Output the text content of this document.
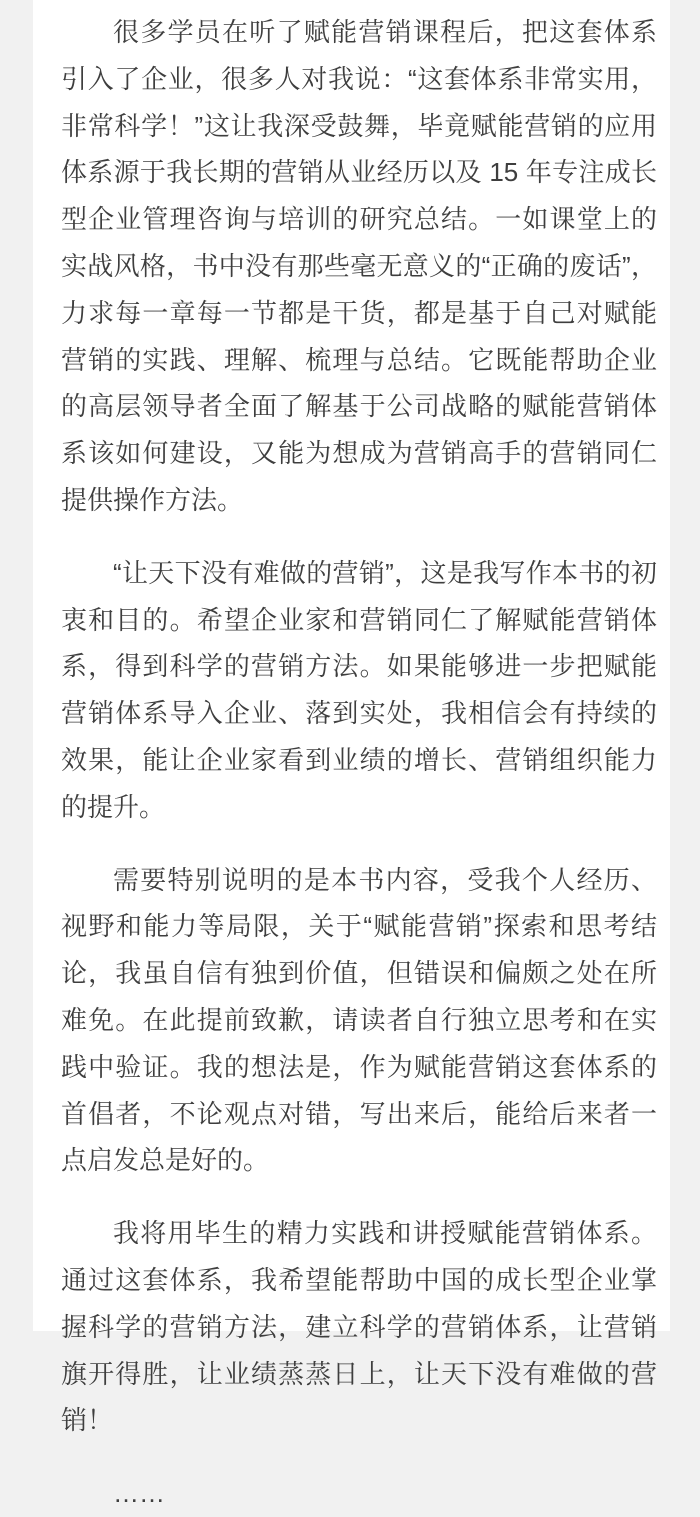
很多学员在听了赋能营销课程后，把这套体系引入了企业，很多人对我说：“这套体系非常实用，非常科学！”这让我深受鼓舞，毕竟赋能营销的应用体系源于我长期的营销从业经历以及 15 年专注成长型企业管理咨询与培训的研究总结。一如课堂上的实战风格，书中没有那些毫无意义的“正确的废话”，力求每一章每一节都是干货，都是基于自己对赋能营销的实践、理解、梳理与总结。它既能帮助企业的高层领导者全面了解基于公司战略的赋能营销体系该如何建设，又能为想成为营销高手的营销同仁提供操作方法。

“让天下没有难做的营销”，这是我写作本书的初衷和目的。希望企业家和营销同仁了解赋能营销体系，得到科学的营销方法。如果能够进一步把赋能营销体系导入企业、落到实处，我相信会有持续的效果，能让企业家看到业绩的增长、营销组织能力的提升。

需要特别说明的是本书内容，受我个人经历、视野和能力等局限，关于“赋能营销”探索和思考结论，我虽自信有独到价值，但错误和偏颇之处在所难免。在此提前致歉，请读者自行独立思考和在实践中验证。我的想法是，作为赋能营销这套体系的首倡者，不论观点对错，写出来后，能给后来者一点启发总是好的。

我将用毕生的精力实践和讲授赋能营销体系。通过这套体系，我希望能帮助中国的成长型企业掌握科学的营销方法，建立科学的营销体系，让营销旗开得胜，让业绩蒸蒸日上，让天下没有难做的营销！

……
